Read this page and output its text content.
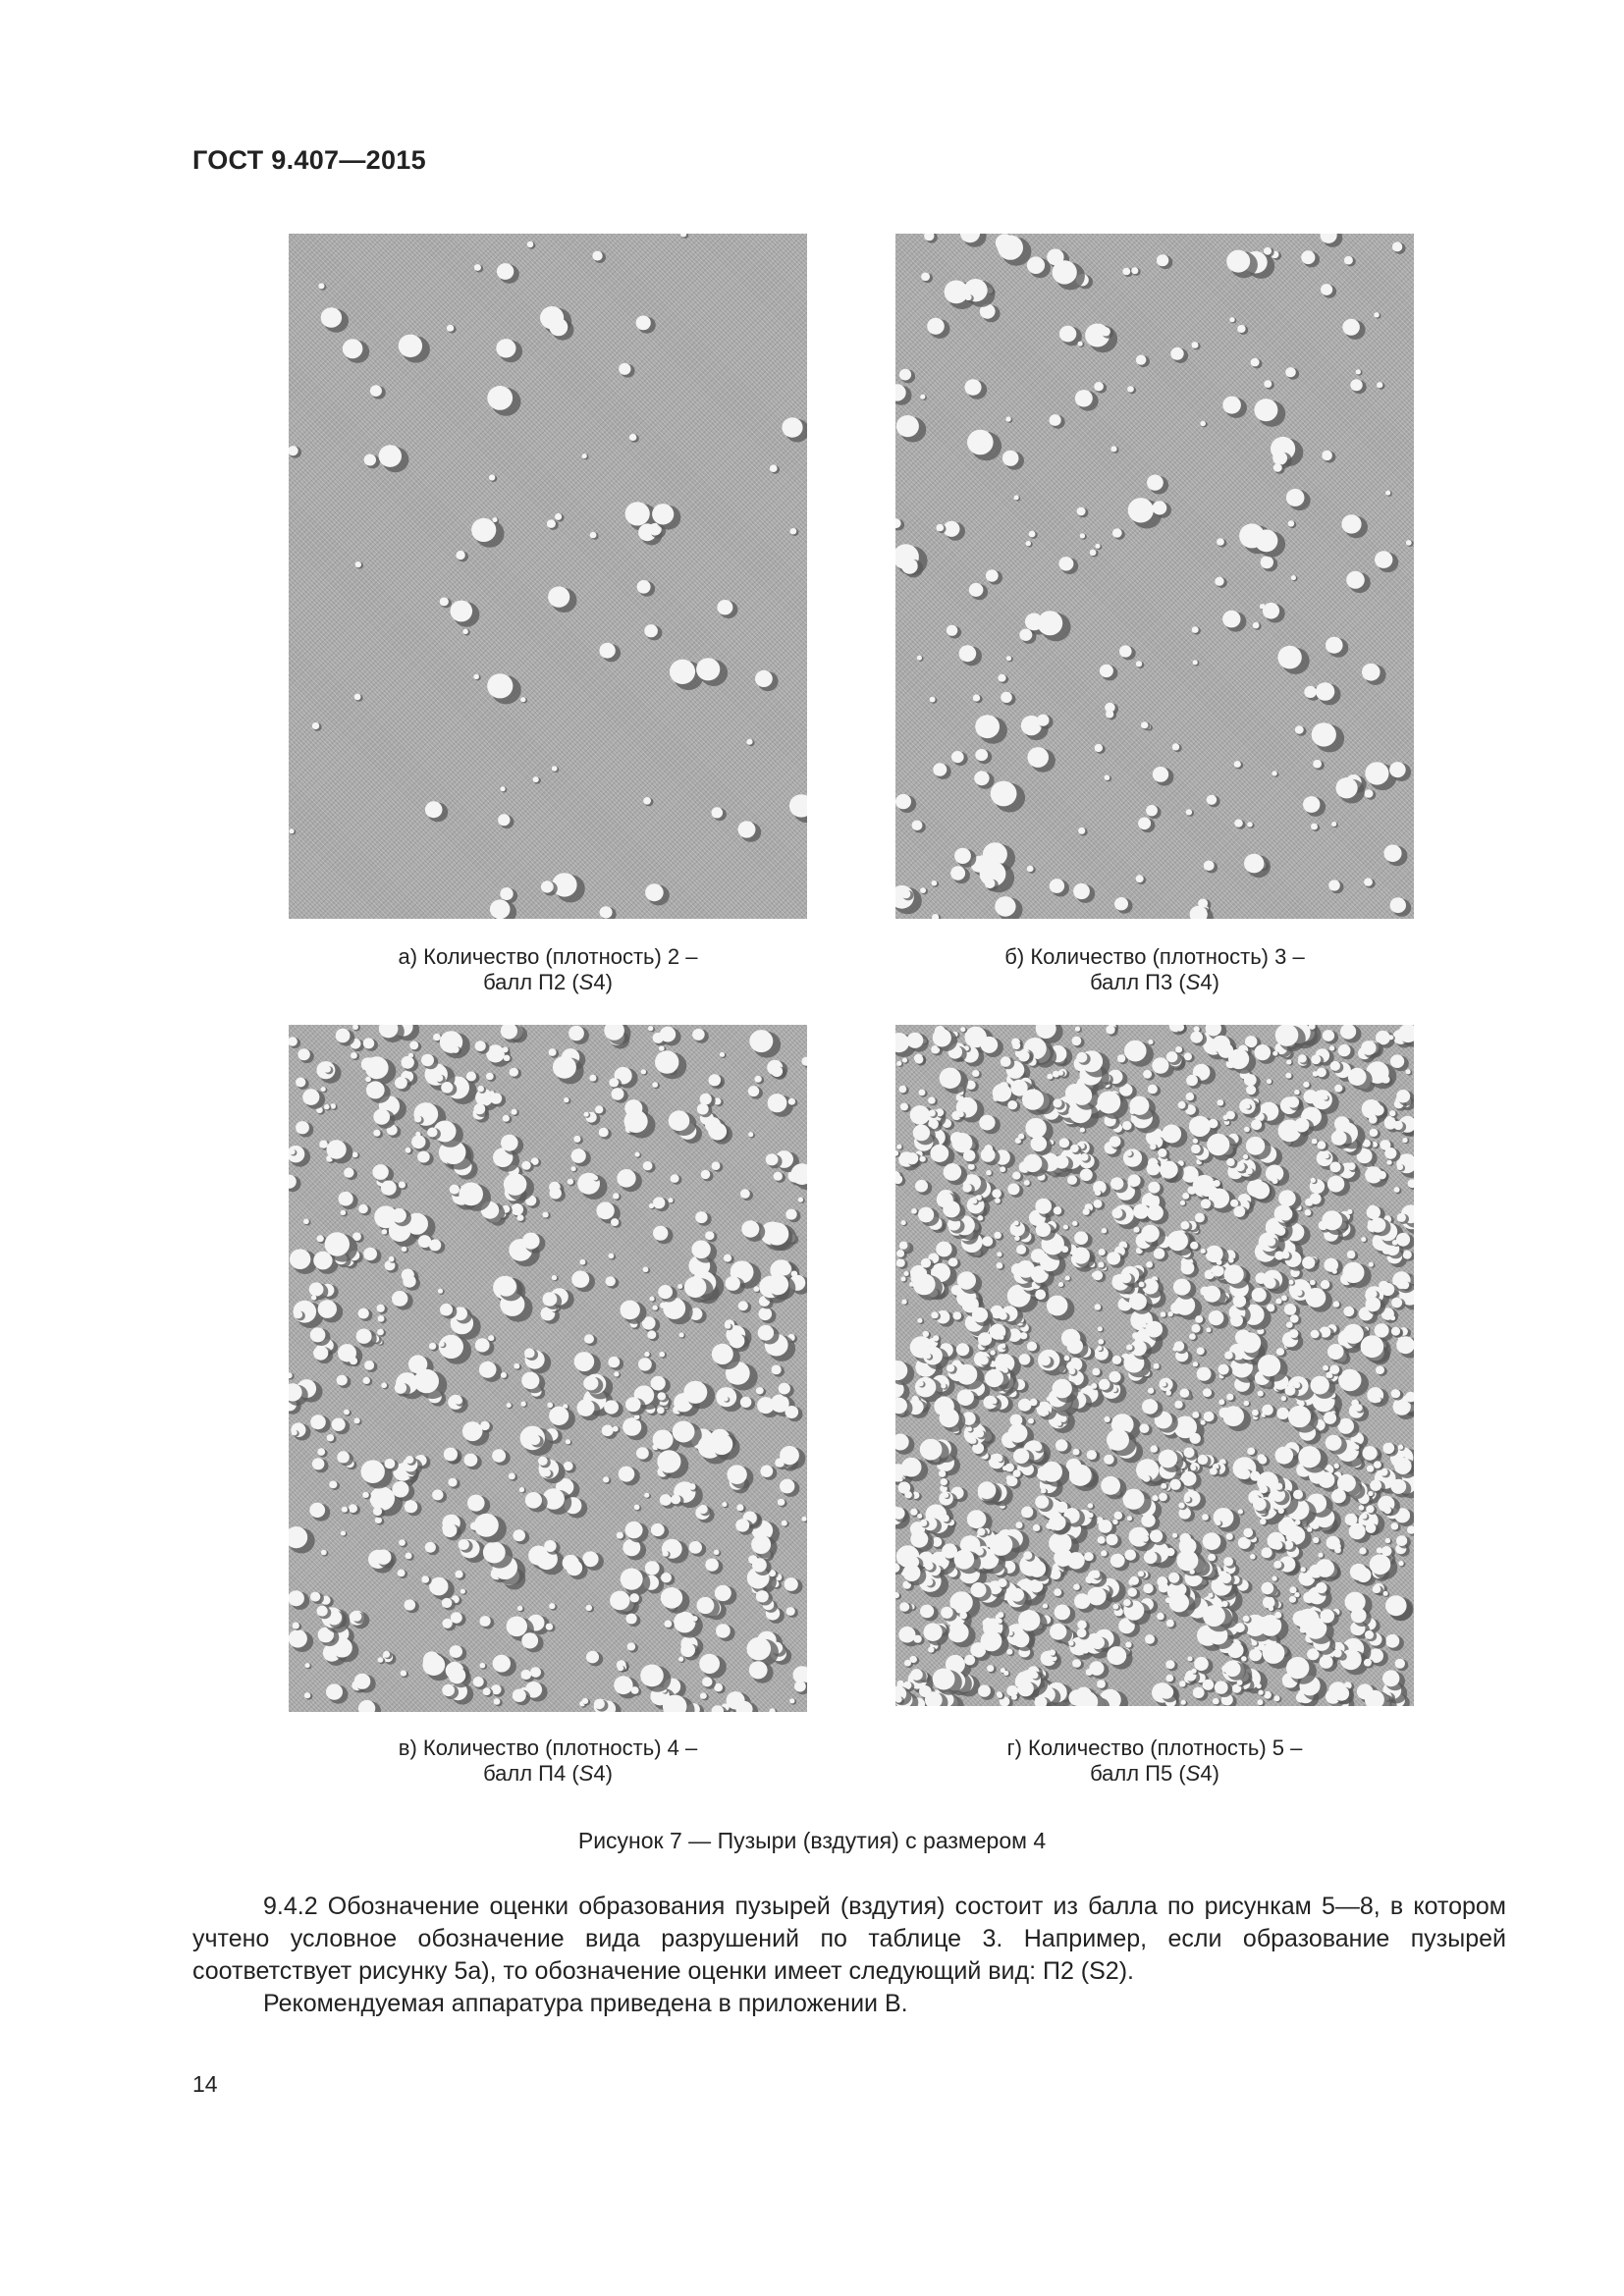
ГОСТ 9.407—2015
а) Количество (плотность) 2 –
балл П2 (S4)
б) Количество (плотность) 3 –
балл П3 (S4)
в) Количество (плотность) 4 –
балл П4 (S4)
г) Количество (плотность) 5 –
балл П5 (S4)
Рисунок 7 — Пузыри (вздутия) с размером 4

9.4.2 Обозначение оценки образования пузырей (вздутия) состоит из балла по рисункам 5—8, в котором учтено условное обозначение вида разрушений по таблице 3. Например, если образование пузырей соответствует рисунку 5а), то обозначение оценки имеет следующий вид: П2 (S2).

Рекомендуемая аппаратура приведена в приложении В.

14
